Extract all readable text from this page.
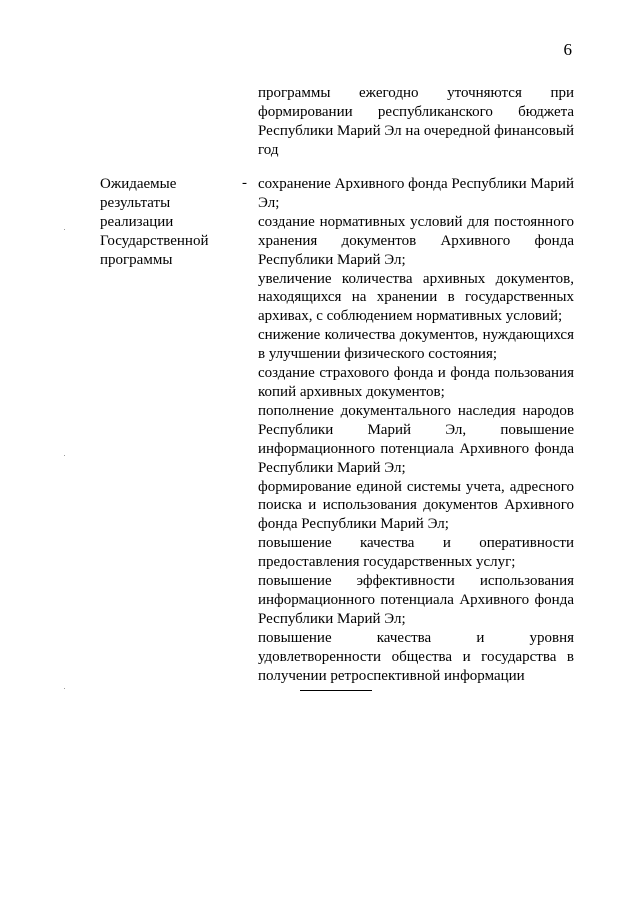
6
программы ежегодно уточняются при формировании республиканского бюджета Республики Марий Эл на очередной финансовый год
Ожидаемые
результаты
реализации
Государственной
программы
- сохранение Архивного фонда Республики Марий Эл;
создание нормативных условий для постоянного хранения документов Архивного фонда Республики Марий Эл;
увеличение количества архивных документов, находящихся на хранении в государственных архивах, с соблюдением нормативных условий;
снижение количества документов, нуждающихся в улучшении физического состояния;
создание страхового фонда и фонда пользования копий архивных документов;
пополнение документального наследия народов Республики Марий Эл, повышение информационного потенциала Архивного фонда Республики Марий Эл;
формирование единой системы учета, адресного поиска и использования документов Архивного фонда Республики Марий Эл;
повышение качества и оперативности предоставления государственных услуг;
повышение эффективности использования информационного потенциала Архивного фонда Республики Марий Эл;
повышение качества и уровня удовлетворенности общества и государства в получении ретроспективной информации
